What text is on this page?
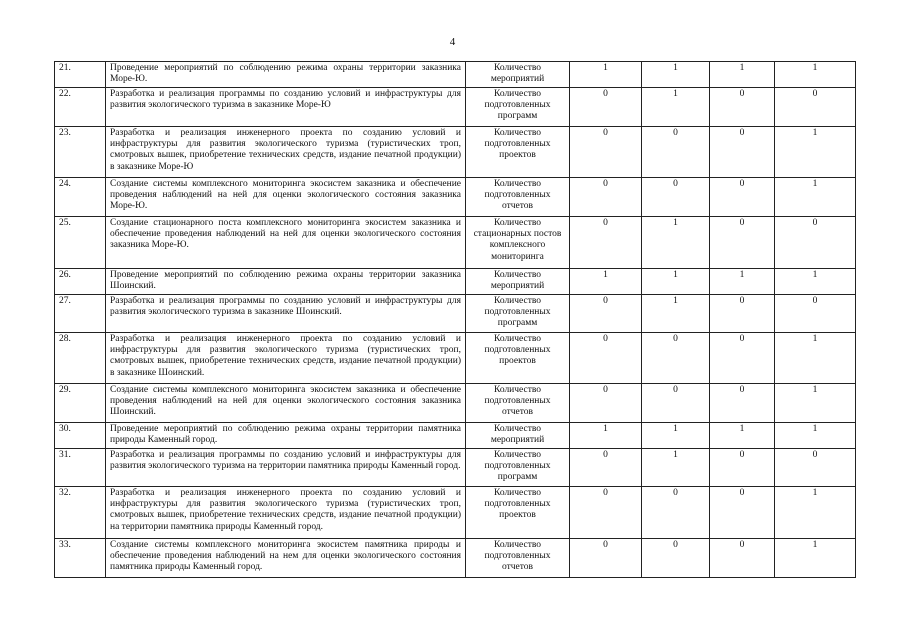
4
21.	Проведение мероприятий по соблюдению режима охраны территории заказника Море-Ю.	Количество мероприятий	1	1	1	1
22.	Разработка и реализация программы по созданию условий и инфраструктуры для развития экологического туризма в заказнике Море-Ю	Количество подготовленных программ	0	1	0	0
23.	Разработка и реализация инженерного проекта по созданию условий и инфраструктуры для развития экологического туризма (туристических троп, смотровых вышек, приобретение технических средств, издание печатной продукции) в заказнике Море-Ю	Количество подготовленных проектов	0	0	0	1
24.	Создание системы комплексного мониторинга экосистем заказника и обеспечение проведения наблюдений на ней для оценки экологического состояния заказника Море-Ю.	Количество подготовленных отчетов	0	0	0	1
25.	Создание стационарного поста комплексного мониторинга экосистем заказника и обеспечение проведения наблюдений на ней для оценки экологического состояния заказника Море-Ю.	Количество стационарных постов комплексного мониторинга	0	1	0	0
26.	Проведение мероприятий по соблюдению режима охраны территории заказника Шоинский.	Количество мероприятий	1	1	1	1
27.	Разработка и реализация программы по созданию условий и инфраструктуры для развития экологического туризма в заказнике Шоинский.	Количество подготовленных программ	0	1	0	0
28.	Разработка и реализация инженерного проекта по созданию условий и инфраструктуры для развития экологического туризма (туристических троп, смотровых вышек, приобретение технических средств, издание печатной продукции) в заказнике Шоинский.	Количество подготовленных проектов	0	0	0	1
29.	Создание системы комплексного мониторинга экосистем заказника и обеспечение проведения наблюдений на ней для оценки экологического состояния заказника Шоинский.	Количество подготовленных отчетов	0	0	0	1
30.	Проведение мероприятий по соблюдению режима охраны территории памятника природы Каменный город.	Количество мероприятий	1	1	1	1
31.	Разработка и реализация программы по созданию условий и инфраструктуры для развития экологического туризма на территории памятника природы Каменный город.	Количество подготовленных программ	0	1	0	0
32.	Разработка и реализация инженерного проекта по созданию условий и инфраструктуры для развития экологического туризма (туристических троп, смотровых вышек, приобретение технических средств, издание печатной продукции) на территории памятника природы Каменный город.	Количество подготовленных проектов	0	0	0	1
33.	Создание системы комплексного мониторинга экосистем памятника природы и обеспечение проведения наблюдений на нем для оценки экологического состояния памятника природы Каменный город.	Количество подготовленных отчетов	0	0	0	1
